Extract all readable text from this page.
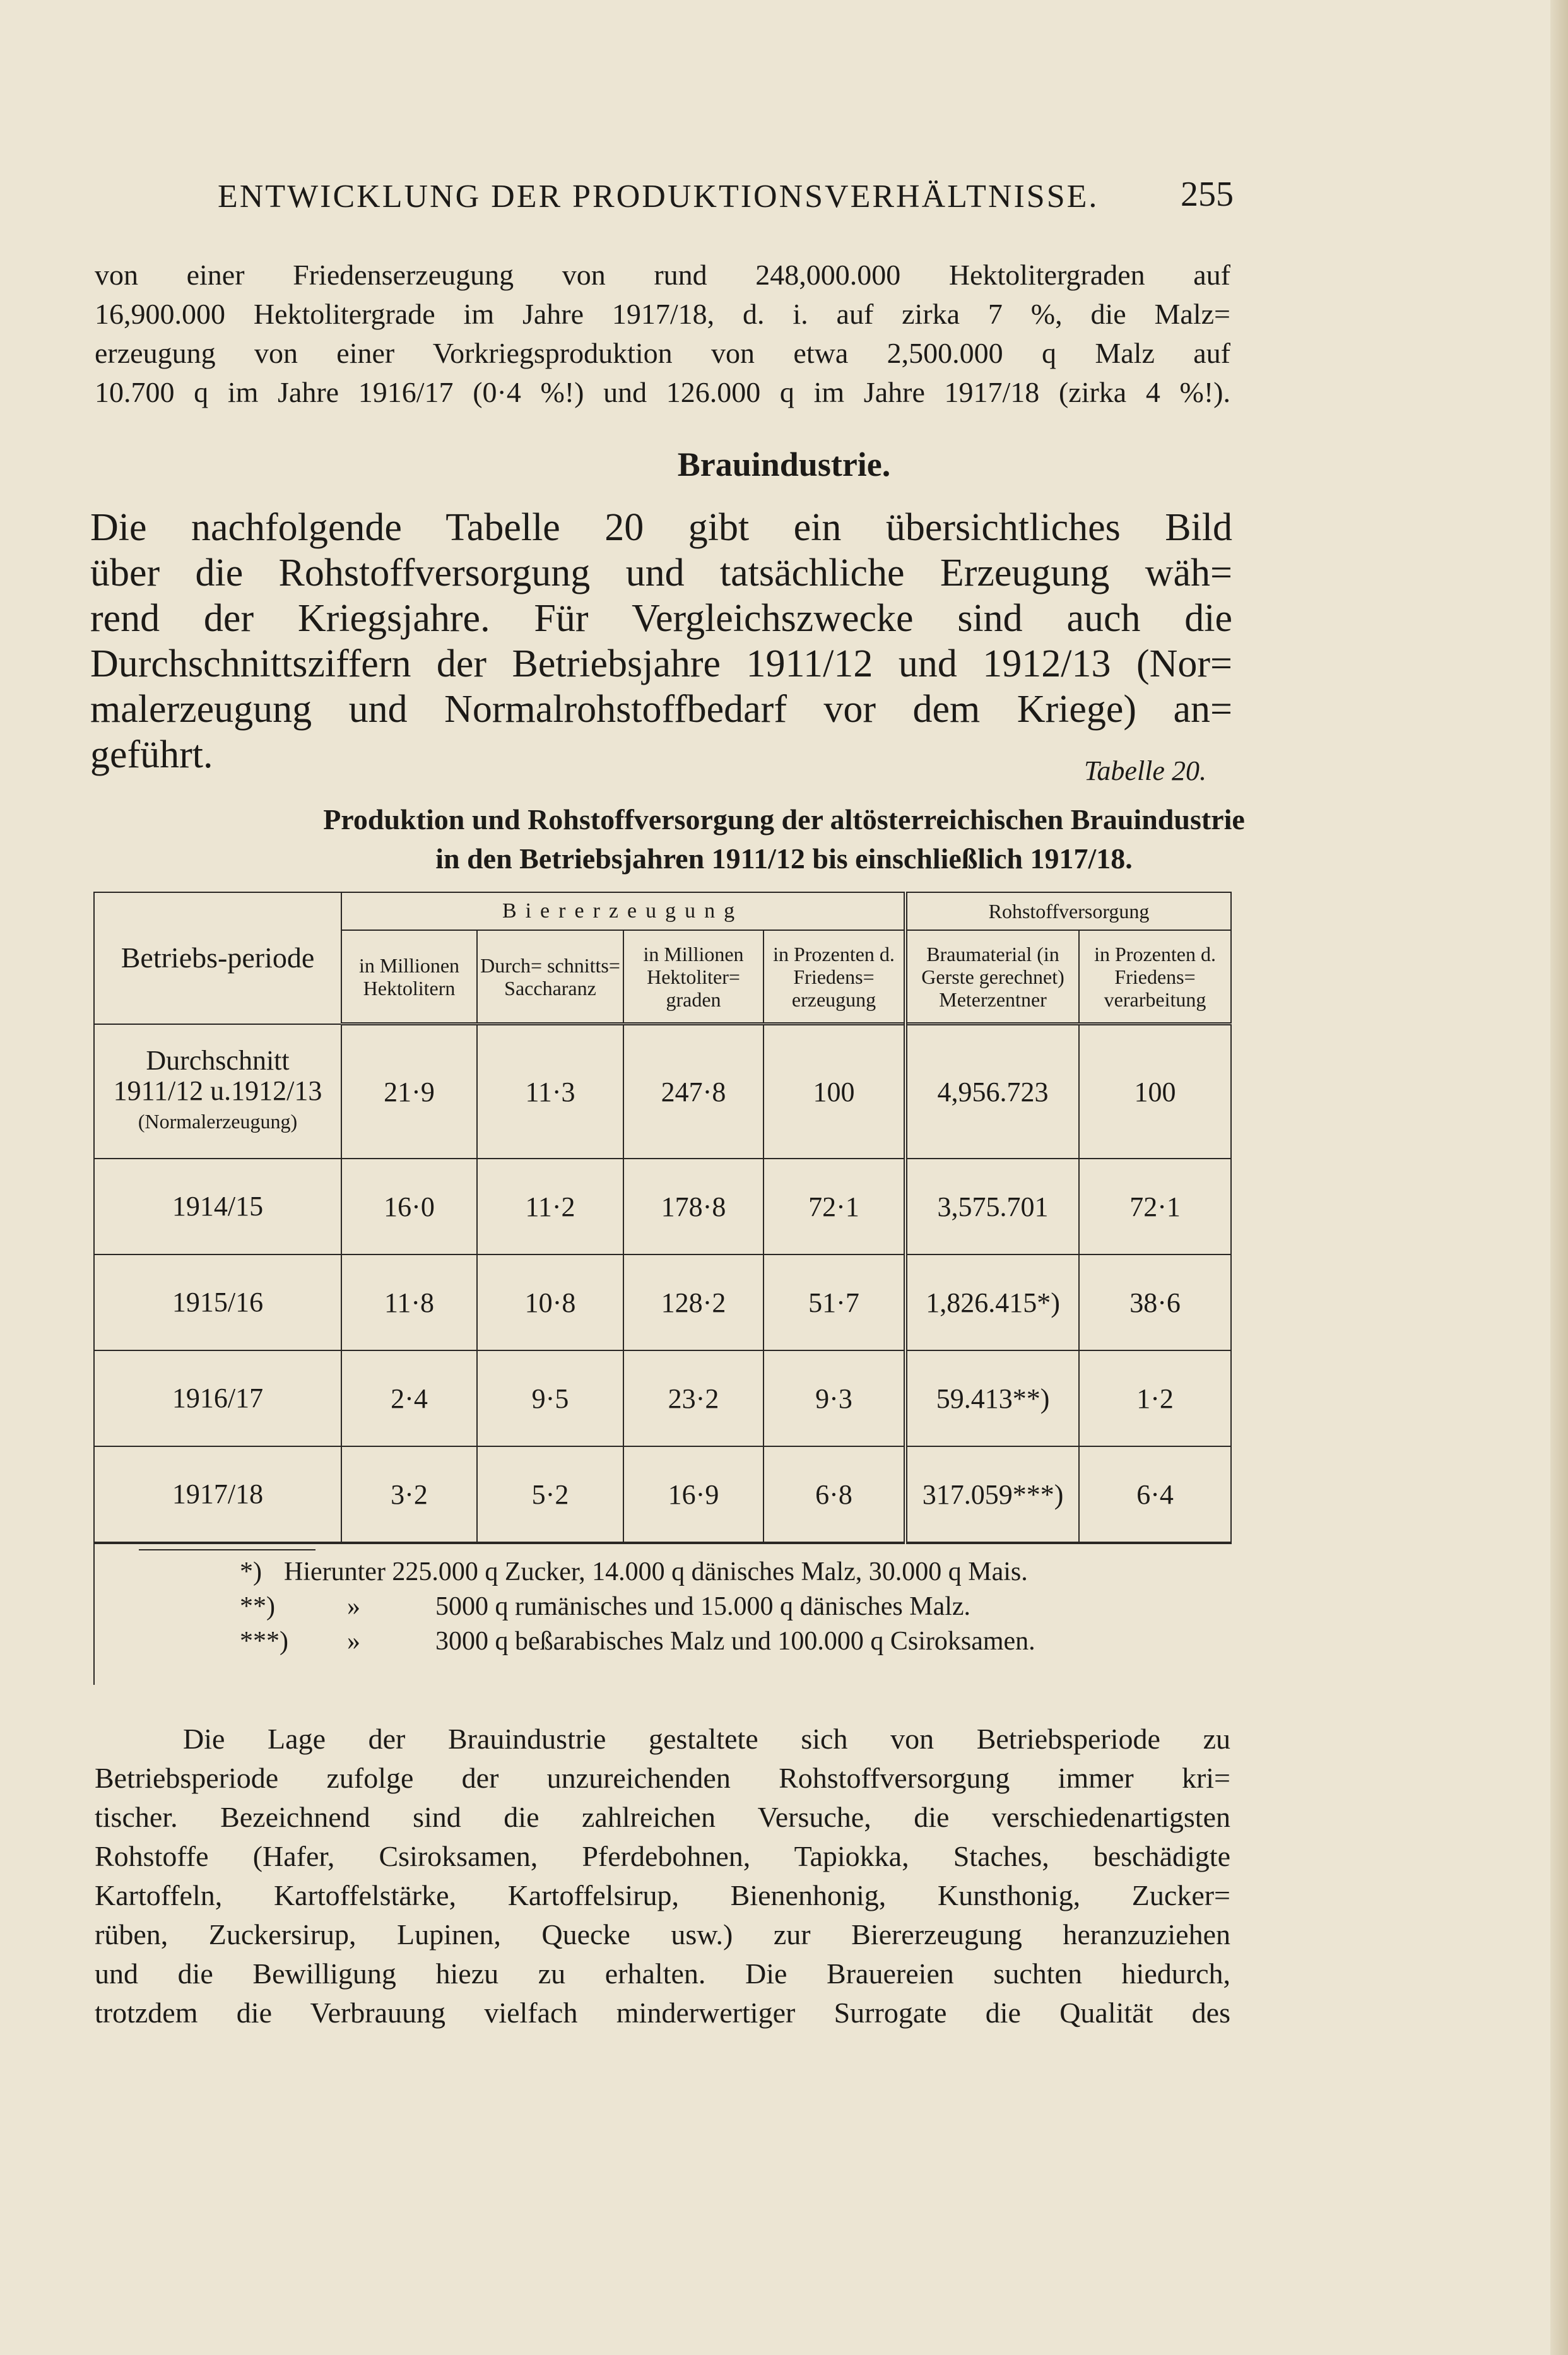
ENTWICKLUNG DER PRODUKTIONSVERHÄLTNISSE. 255
von einer Friedenserzeugung von rund 248,000.000 Hektolitergraden auf
16,900.000 Hektolitergrade im Jahre 1917/18, d. i. auf zirka 7 %, die Malz=
erzeugung von einer Vorkriegsproduktion von etwa 2,500.000 q Malz auf
10.700 q im Jahre 1916/17 (0·4 %!) und 126.000 q im Jahre 1917/18 (zirka 4 %!).
Brauindustrie.
Die nachfolgende Tabelle 20 gibt ein übersichtliches Bild
über die Rohstoffversorgung und tatsächliche Erzeugung wäh=
rend der Kriegsjahre. Für Vergleichszwecke sind auch die
Durchschnittsziffern der Betriebsjahre 1911/12 und 1912/13 (Nor=
malerzeugung und Normalrohstoffbedarf vor dem Kriege) an=
geführt.	Tabelle 20.
Produktion und Rohstoffversorgung der altösterreichischen Brauindustrie
in den Betriebsjahren 1911/12 bis einschließlich 1917/18.
Betriebs-periode	Biererzeugung				Rohstoffversorgung	
	in Millionen Hektolitern	Durch= schnitts= Saccharanz	in Millionen Hektoliter= graden	in Prozenten d. Friedens= erzeugung	Braumaterial (in Gerste gerechnet) Meterzentner	in Prozenten d. Friedens= verarbeitung

Durchschnitt
1911/12 u.1912/13
(Normalerzeugung)	21·9	11·3	247·8	100	4,956.723	100
1914/15	16·0	11·2	178·8	72·1	3,575.701	72·1
1915/16	11·8	10·8	128·2	51·7	1,826.415*)	38·6
1916/17	2·4	9·5	23·2	9·3	59.413**)	1·2
1917/18	3·2	5·2	16·9	6·8	317.059***)	6·4
*) Hierunter 225.000 q Zucker, 14.000 q dänisches Malz, 30.000 q Mais.
**)	»	5000 q rumänisches und 15.000 q dänisches Malz.
***) »	3000 q beßarabisches Malz und 100.000 q Csiroksamen.
Die Lage der Brauindustrie gestaltete sich von Betriebsperiode zu
Betriebsperiode zufolge der unzureichenden Rohstoffversorgung immer kri=
tischer. Bezeichnend sind die zahlreichen Versuche, die verschiedenartigsten
Rohstoffe (Hafer, Csiroksamen, Pferdebohnen, Tapiokka, Staches, beschädigte
Kartoffeln, Kartoffelstärke, Kartoffelsirup, Bienenhonig, Kunsthonig, Zucker=
rüben, Zuckersirup, Lupinen, Quecke usw.) zur Biererzeugung heranzuziehen
und die Bewilligung hiezu zu erhalten. Die Brauereien suchten hiedurch,
trotzdem die Verbrauung vielfach minderwertiger Surrogate die Qualität des
